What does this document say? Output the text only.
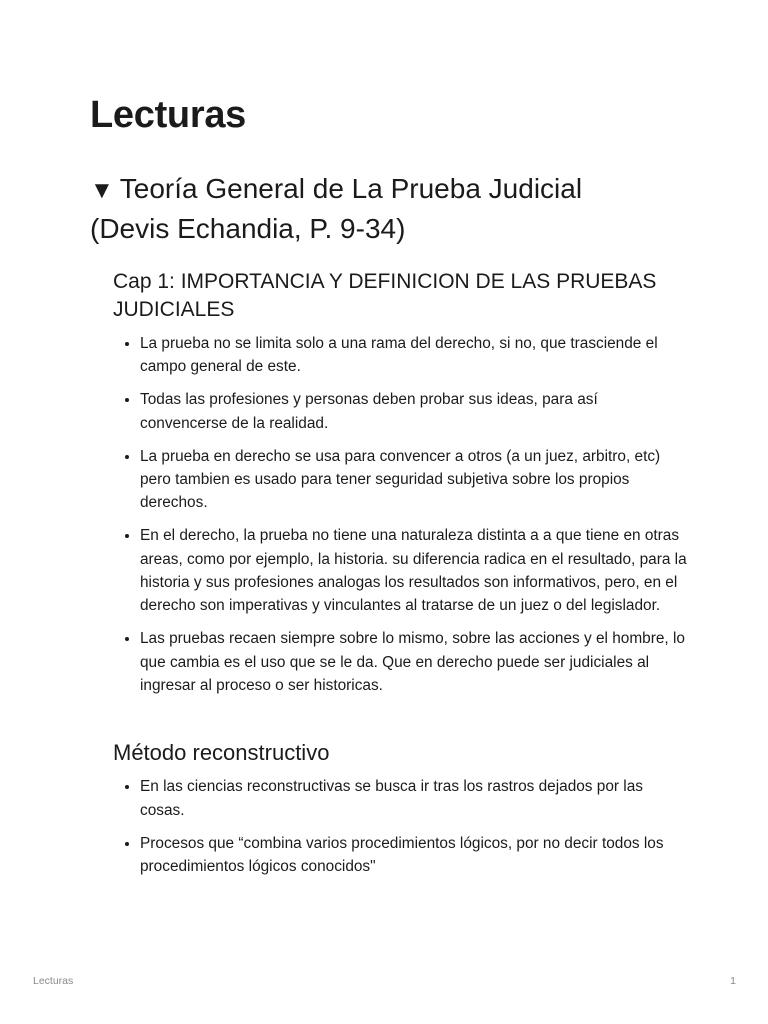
Lecturas
▼ Teoría General de La Prueba Judicial
(Devis Echandia, P. 9-34)
Cap 1: IMPORTANCIA Y DEFINICION DE LAS PRUEBAS JUDICIALES
• La prueba no se limita solo a una rama del derecho, si no, que trasciende el campo general de este.
• Todas las profesiones y personas deben probar sus ideas, para así convencerse de la realidad.
• La prueba en derecho se usa para convencer a otros (a un juez, arbitro, etc) pero tambien es usado para tener seguridad subjetiva sobre los propios derechos.
• En el derecho, la prueba no tiene una naturaleza distinta a a que tiene en otras areas, como por ejemplo, la historia. su diferencia radica en el resultado, para la historia y sus profesiones analogas los resultados son informativos, pero, en el derecho son imperativas y vinculantes al tratarse de un juez o del legislador.
• Las pruebas recaen siempre sobre lo mismo, sobre las acciones y el hombre, lo que cambia es el uso que se le da. Que en derecho puede ser judiciales al ingresar al proceso o ser historicas.
Método reconstructivo
• En las ciencias reconstructivas se busca ir tras los rastros dejados por las cosas.
• Procesos que “combina varios procedimientos lógicos, por no decir todos los procedimientos lógicos conocidos"

Lecturas	1
